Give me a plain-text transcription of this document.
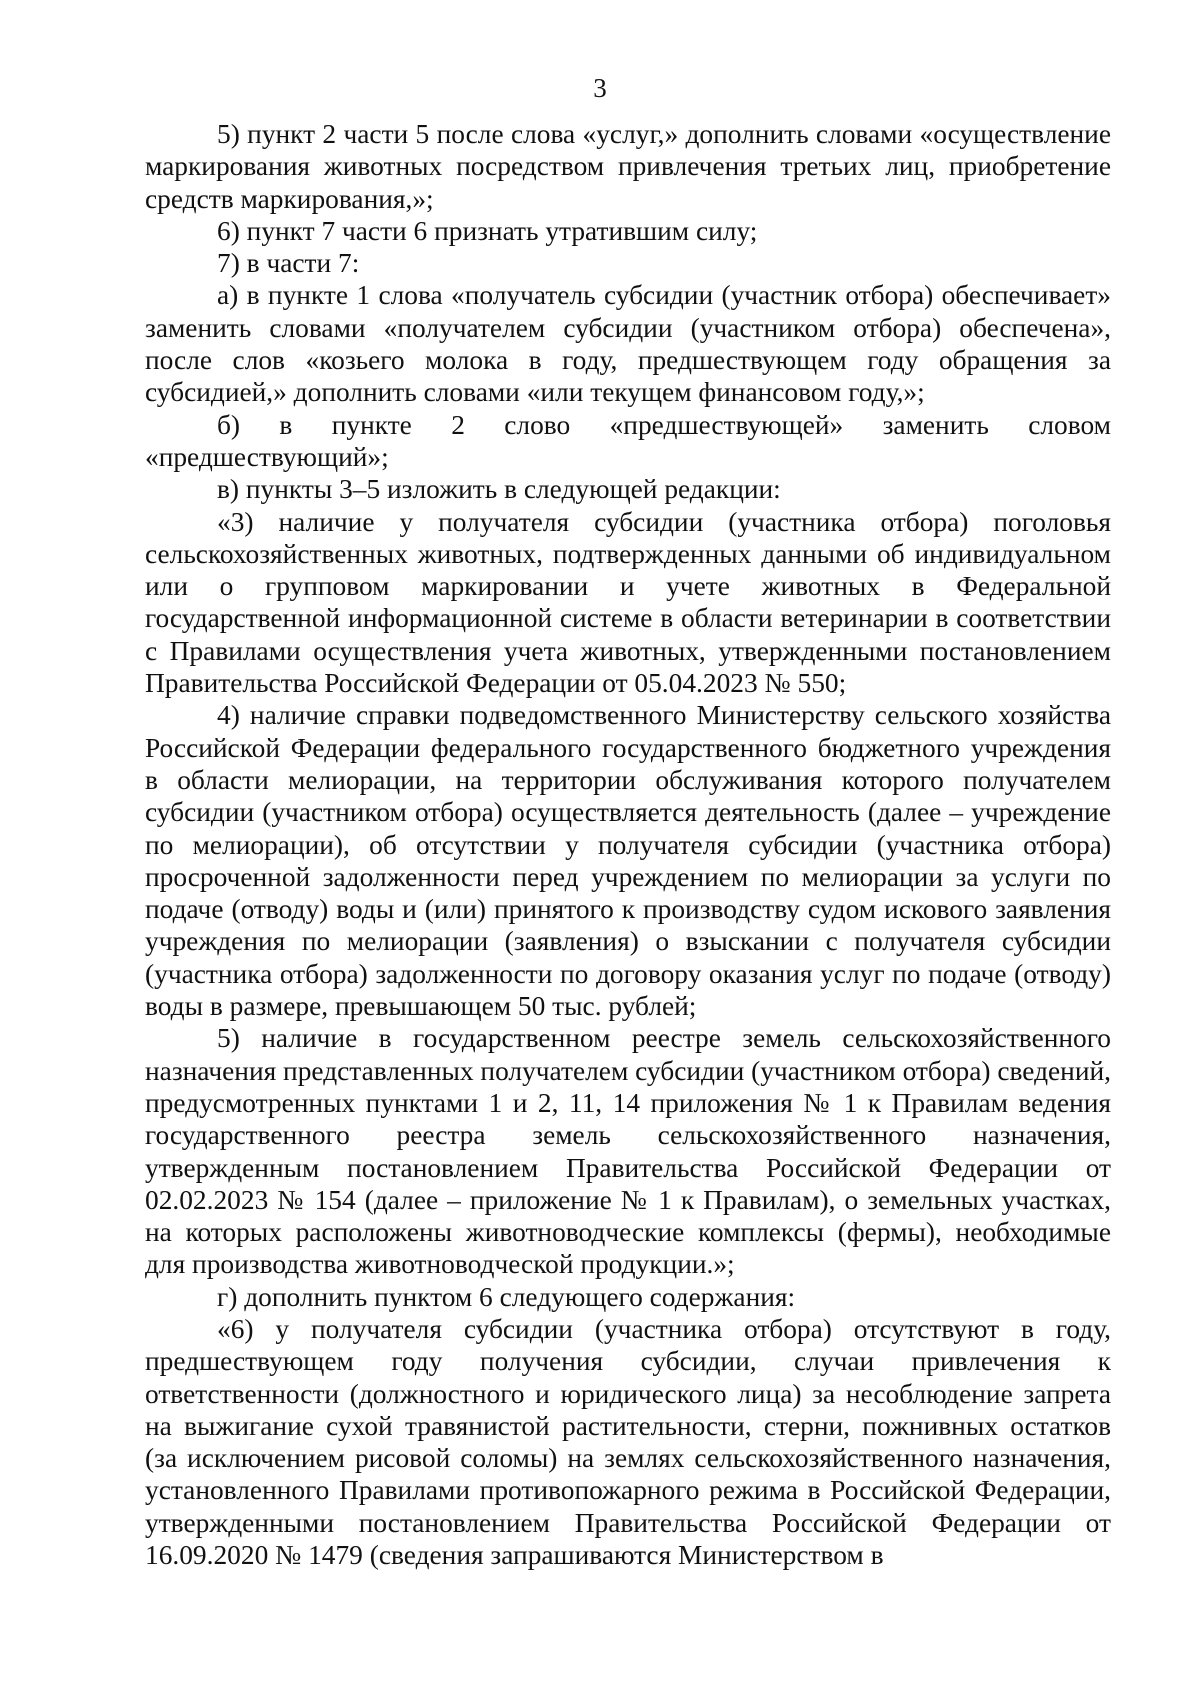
3

5) пункт 2 части 5 после слова «услуг,» дополнить словами «осуществление маркирования животных посредством привлечения третьих лиц, приобретение средств маркирования,»;

6) пункт 7 части 6 признать утратившим силу;

7) в части 7:

а) в пункте 1 слова «получатель субсидии (участник отбора) обеспечивает» заменить словами «получателем субсидии (участником отбора) обеспечена», после слов «козьего молока в году, предшествующем году обращения за субсидией,» дополнить словами «или текущем финансовом году,»;

б) в пункте 2 слово «предшествующей» заменить словом «предшествующий»;

в) пункты 3–5 изложить в следующей редакции:

«3) наличие у получателя субсидии (участника отбора) поголовья сельскохозяйственных животных, подтвержденных данными об индивидуальном или о групповом маркировании и учете животных в Федеральной государственной информационной системе в области ветеринарии в соответствии с Правилами осуществления учета животных, утвержденными постановлением Правительства Российской Федерации от 05.04.2023 № 550;

4) наличие справки подведомственного Министерству сельского хозяйства Российской Федерации федерального государственного бюджетного учреждения в области мелиорации, на территории обслуживания которого получателем субсидии (участником отбора) осуществляется деятельность (далее – учреждение по мелиорации), об отсутствии у получателя субсидии (участника отбора) просроченной задолженности перед учреждением по мелиорации за услуги по подаче (отводу) воды и (или) принятого к производству судом искового заявления учреждения по мелиорации (заявления) о взыскании с получателя субсидии (участника отбора) задолженности по договору оказания услуг по подаче (отводу) воды в размере, превышающем 50 тыс. рублей;

5) наличие в государственном реестре земель сельскохозяйственного назначения представленных получателем субсидии (участником отбора) сведений, предусмотренных пунктами 1 и 2, 11, 14 приложения № 1 к Правилам ведения государственного реестра земель сельскохозяйственного назначения, утвержденным постановлением Правительства Российской Федерации от 02.02.2023 № 154 (далее – приложение № 1 к Правилам), о земельных участках, на которых расположены животноводческие комплексы (фермы), необходимые для производства животноводческой продукции.»;

г) дополнить пунктом 6 следующего содержания:

«6) у получателя субсидии (участника отбора) отсутствуют в году, предшествующем году получения субсидии, случаи привлечения к ответственности (должностного и юридического лица) за несоблюдение запрета на выжигание сухой травянистой растительности, стерни, пожнивных остатков (за исключением рисовой соломы) на землях сельскохозяйственного назначения, установленного Правилами противопожарного режима в Российской Федерации, утвержденными постановлением Правительства Российской Федерации от 16.09.2020 № 1479 (сведения запрашиваются Министерством в
